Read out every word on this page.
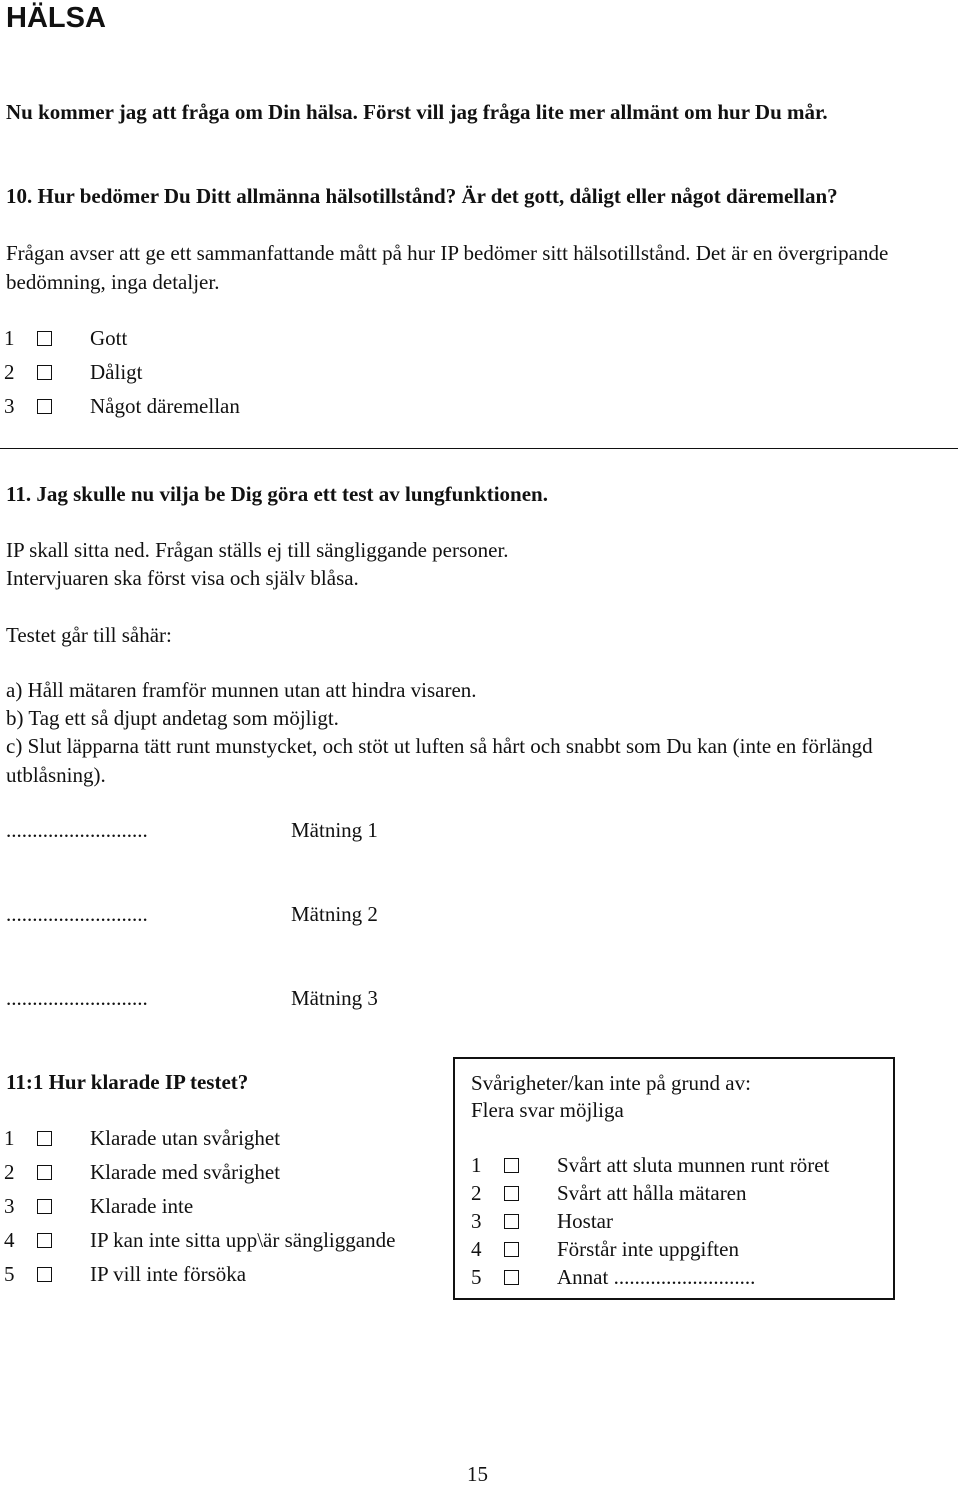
HÄLSA
Nu kommer jag att fråga om Din hälsa. Först vill jag fråga lite mer allmänt om hur Du mår.
10. Hur bedömer Du Ditt allmänna hälsotillstånd? Är det gott, dåligt eller något däremellan?
Frågan avser att ge ett sammanfattande mått på hur IP bedömer sitt hälsotillstånd. Det är en övergripande bedömning, inga detaljer.
1	Gott
2	Dåligt
3	Något däremellan
11. Jag skulle nu vilja be Dig göra ett test av lungfunktionen.
IP skall sitta ned. Frågan ställs ej till sängliggande personer.
Intervjuaren ska först visa och själv blåsa.
Testet går till såhär:
a) Håll mätaren framför munnen utan att hindra visaren.
b) Tag ett så djupt andetag som möjligt.
c) Slut läpparna tätt runt munstycket, och stöt ut luften så hårt och snabbt som Du kan (inte en förlängd utblåsning).
...........................	Mätning 1
...........................	Mätning 2
...........................	Mätning 3
11:1 Hur klarade IP testet?
1	Klarade utan svårighet
2	Klarade med svårighet
3	Klarade inte
4	IP kan inte sitta upp\är sängliggande
5	IP vill inte försöka
Svårigheter/kan inte på grund av:
Flera svar möjliga
1	Svårt att sluta munnen runt röret
2	Svårt att hålla mätaren
3	Hostar
4	Förstår inte uppgiften
5	Annat ...........................
15
